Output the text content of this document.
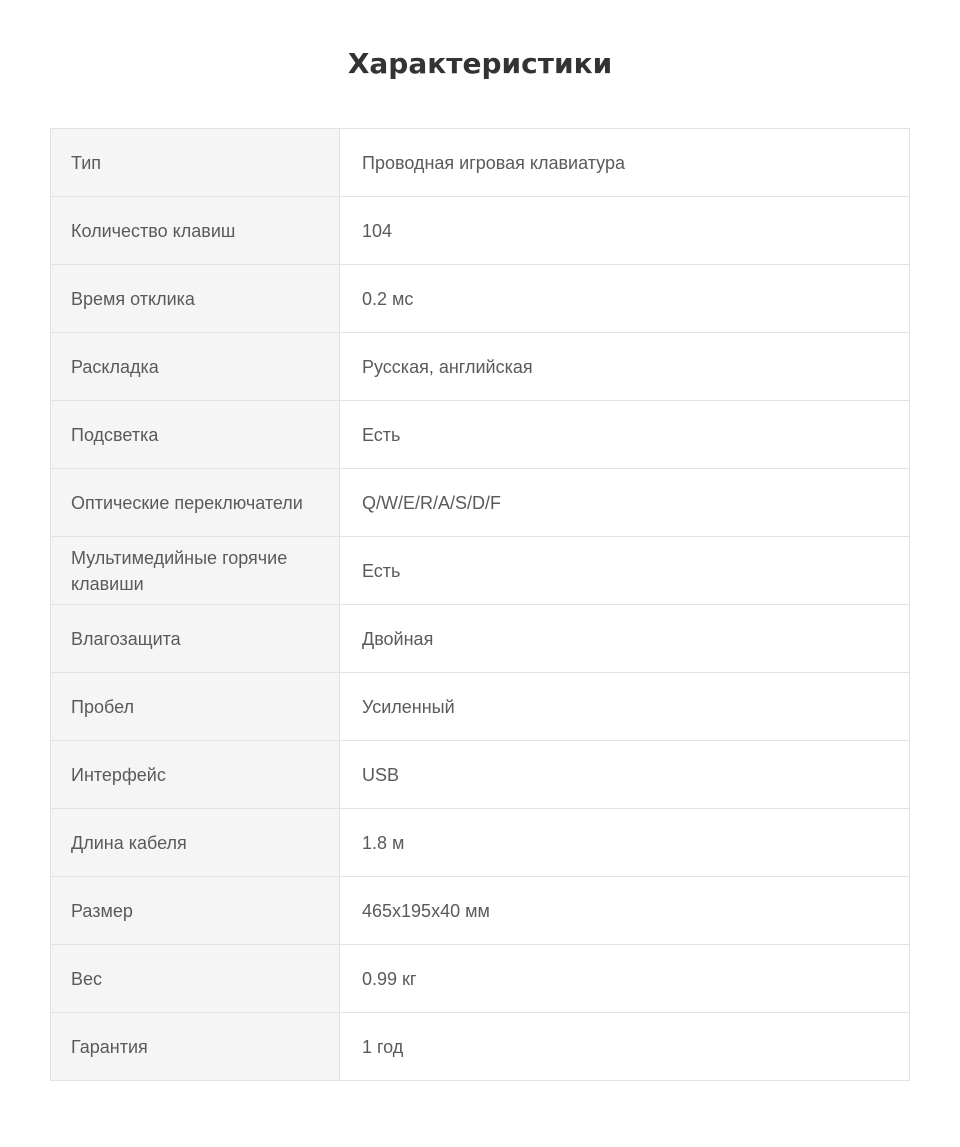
Характеристики
Тип	Проводная игровая клавиатура
Количество клавиш	104
Время отклика	0.2 мс
Раскладка	Русская, английская
Подсветка	Есть
Оптические переключатели	Q/W/E/R/A/S/D/F
Мультимедийные горячие клавиши	Есть
Влагозащита	Двойная
Пробел	Усиленный
Интерфейс	USB
Длина кабеля	1.8 м
Размер	465x195x40 мм
Вес	0.99 кг
Гарантия	1 год
